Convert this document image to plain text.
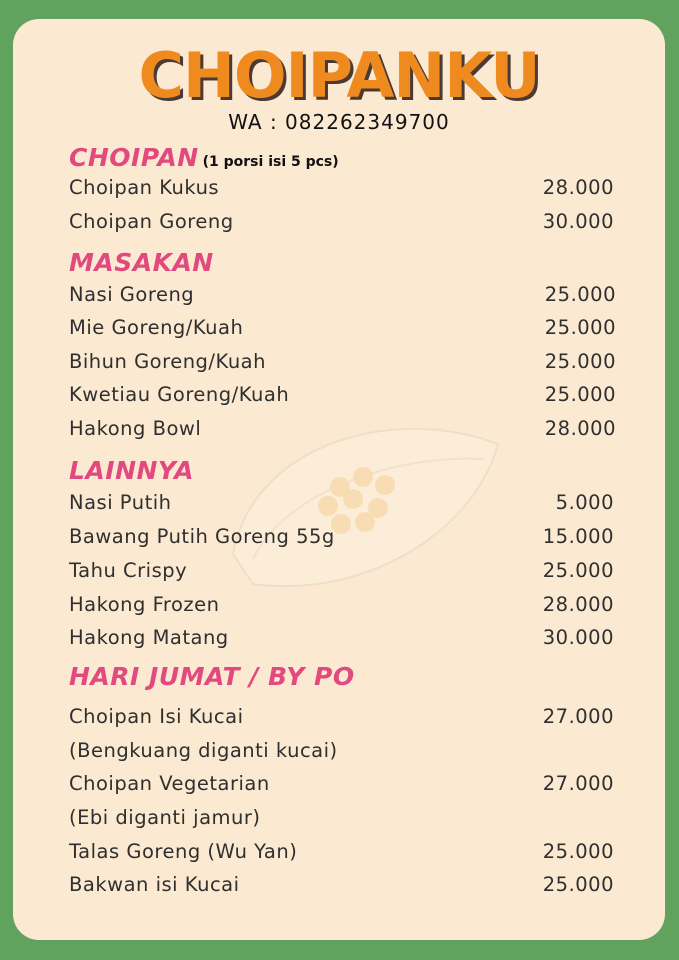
CHOIPANKU
WA : 082262349700
CHOIPAN (1 porsi isi 5 pcs)
Choipan Kukus	28.000
Choipan Goreng	30.000
MASAKAN
Nasi Goreng	25.000
Mie Goreng/Kuah	25.000
Bihun Goreng/Kuah	25.000
Kwetiau Goreng/Kuah	25.000
Hakong Bowl	28.000
LAINNYA
Nasi Putih	5.000
Bawang Putih Goreng 55g	15.000
Tahu Crispy	25.000
Hakong Frozen	28.000
Hakong Matang	30.000
HARI JUMAT / BY PO
Choipan Isi Kucai	27.000
(Bengkuang diganti kucai)
Choipan Vegetarian	27.000
(Ebi diganti jamur)
Talas Goreng (Wu Yan)	25.000
Bakwan isi Kucai	25.000
